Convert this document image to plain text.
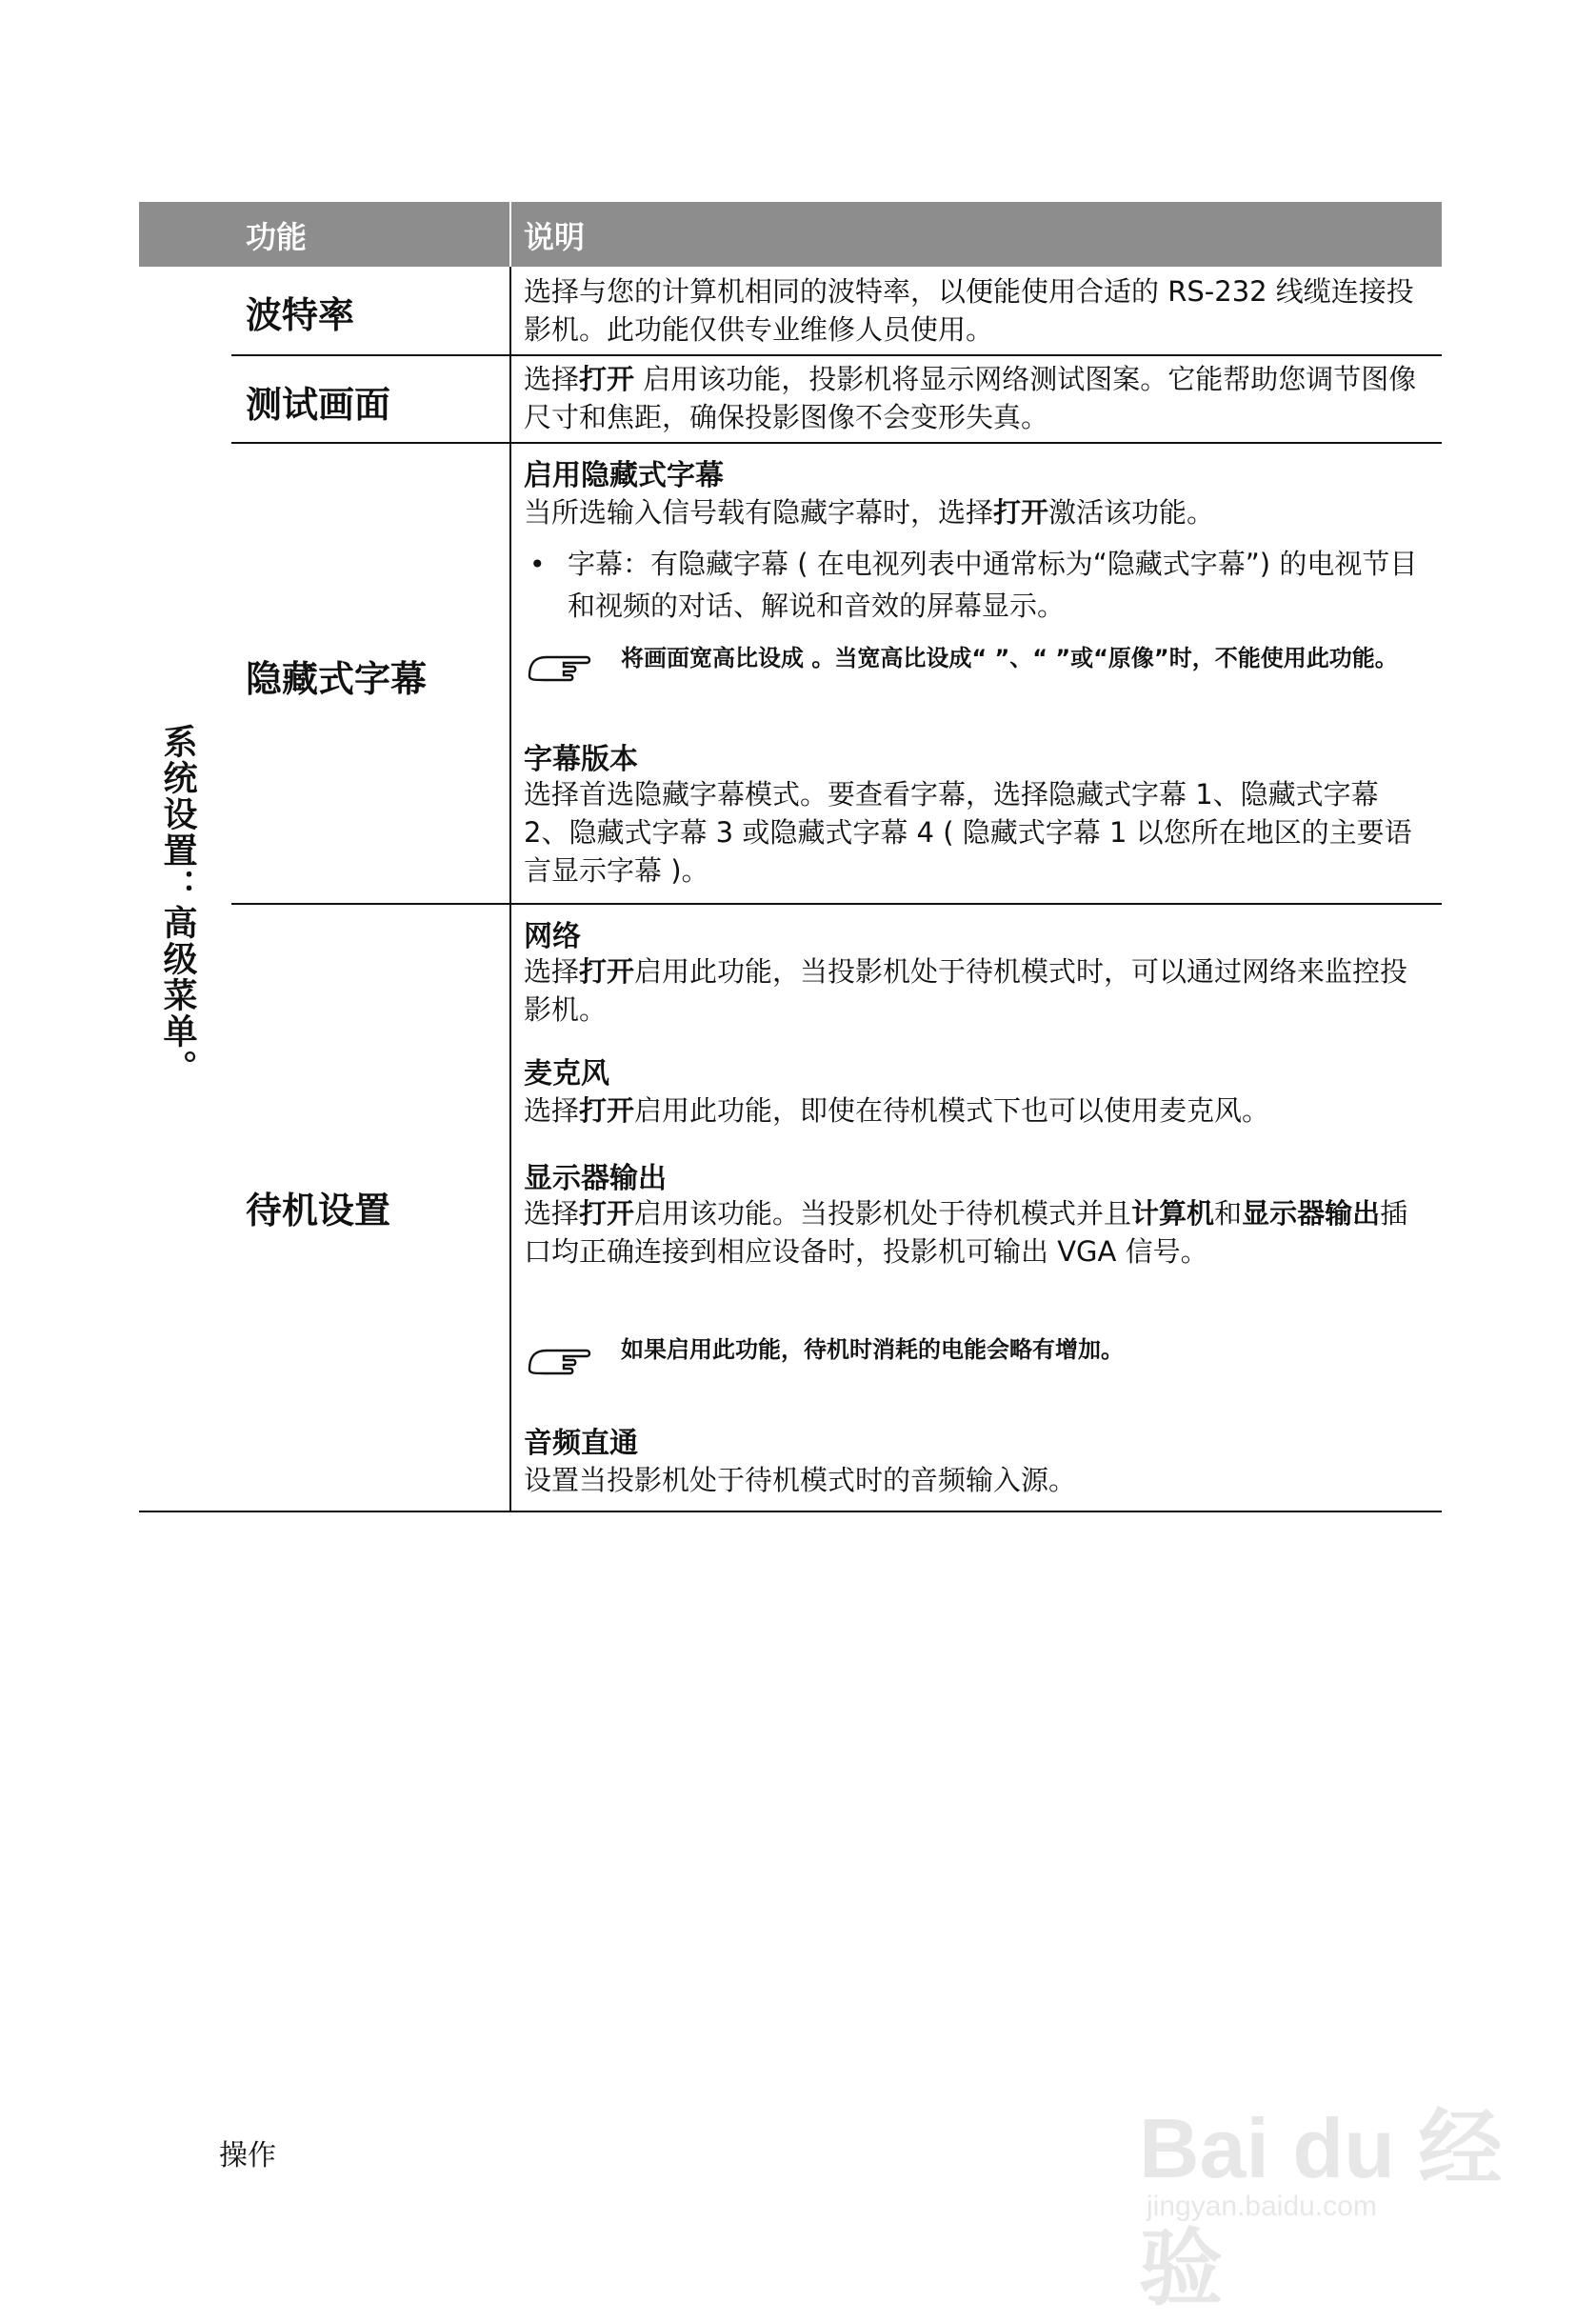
功能	说明
系统设置：高级菜单。
波特率
选择与您的计算机相同的波特率，以便能使用合适的 RS-232 线缆连接投影机。此功能仅供专业维修人员使用。
测试画面
选择打开 启用该功能，投影机将显示网络测试图案。它能帮助您调节图像尺寸和焦距，确保投影图像不会变形失真。
隐藏式字幕
启用隐藏式字幕
当所选输入信号载有隐藏字幕时，选择打开激活该功能。
• 字幕：有隐藏字幕 ( 在电视列表中通常标为“隐藏式字幕”) 的电视节目和视频的对话、解说和音效的屏幕显示。
将画面宽高比设成 。当宽高比设成“ ”、“ ”或“原像”时，不能使用此功能。
字幕版本
选择首选隐藏字幕模式。要查看字幕，选择隐藏式字幕 1、隐藏式字幕 2、隐藏式字幕 3 或隐藏式字幕 4 ( 隐藏式字幕 1 以您所在地区的主要语言显示字幕 )。
待机设置
网络
选择打开启用此功能，当投影机处于待机模式时，可以通过网络来监控投影机。
麦克风
选择打开启用此功能，即使在待机模式下也可以使用麦克风。
显示器输出
选择打开启用该功能。当投影机处于待机模式并且计算机和显示器输出插口均正确连接到相应设备时，投影机可输出 VGA 信号。
如果启用此功能，待机时消耗的电能会略有增加。
音频直通
设置当投影机处于待机模式时的音频输入源。
操作	Bai du 经验
jingyan.baidu.com
